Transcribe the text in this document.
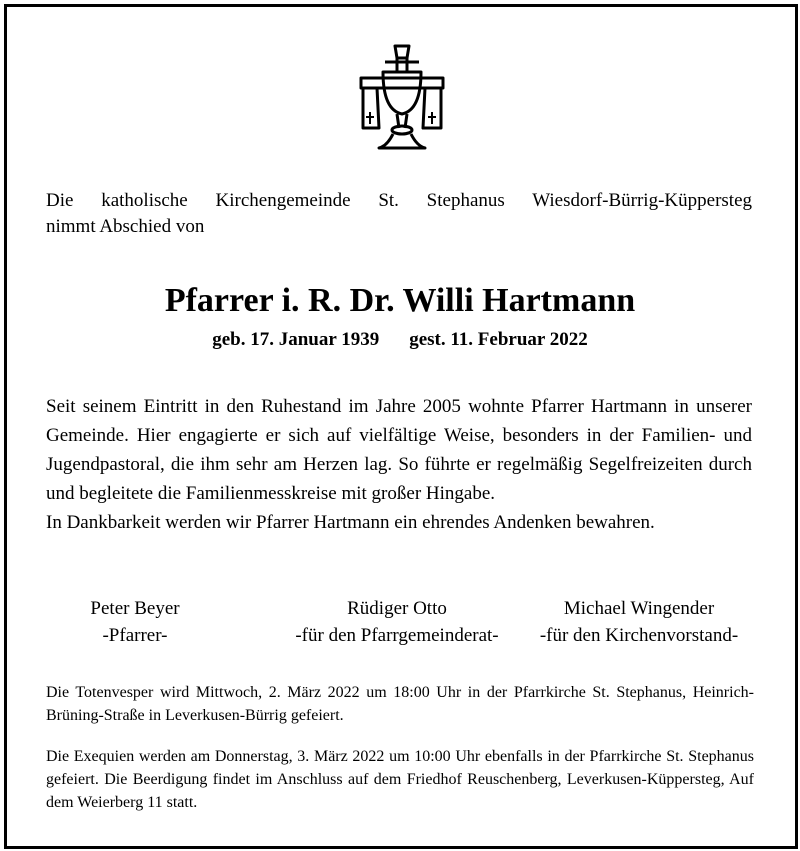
Die katholische Kirchengemeinde St. Stephanus Wiesdorf-Bürrig-Küppersteg
nimmt Abschied von
Pfarrer i. R. Dr. Willi Hartmann
geb. 17. Januar 1939 gest. 11. Februar 2022
Seit seinem Eintritt in den Ruhestand im Jahre 2005 wohnte Pfarrer Hartmann in unserer Gemeinde. Hier engagierte er sich auf vielfältige Weise, besonders in der Familien- und Jugendpastoral, die ihm sehr am Herzen lag. So führte er regelmäßig Segelfreizeiten durch und begleitete die Familienmesskreise mit großer Hingabe.
In Dankbarkeit werden wir Pfarrer Hartmann ein ehrendes Andenken bewahren.
Peter Beyer
-Pfarrer-
Rüdiger Otto
-für den Pfarrgemeinderat-
Michael Wingender
-für den Kirchenvorstand-
Die Totenvesper wird Mittwoch, 2. März 2022 um 18:00 Uhr in der Pfarrkirche St. Stephanus, Heinrich-Brüning-Straße in Leverkusen-Bürrig gefeiert.
Die Exequien werden am Donnerstag, 3. März 2022 um 10:00 Uhr ebenfalls in der Pfarrkirche St. Stephanus gefeiert. Die Beerdigung findet im Anschluss auf dem Friedhof Reuschenberg, Leverkusen-Küppersteg, Auf dem Weierberg 11 statt.
